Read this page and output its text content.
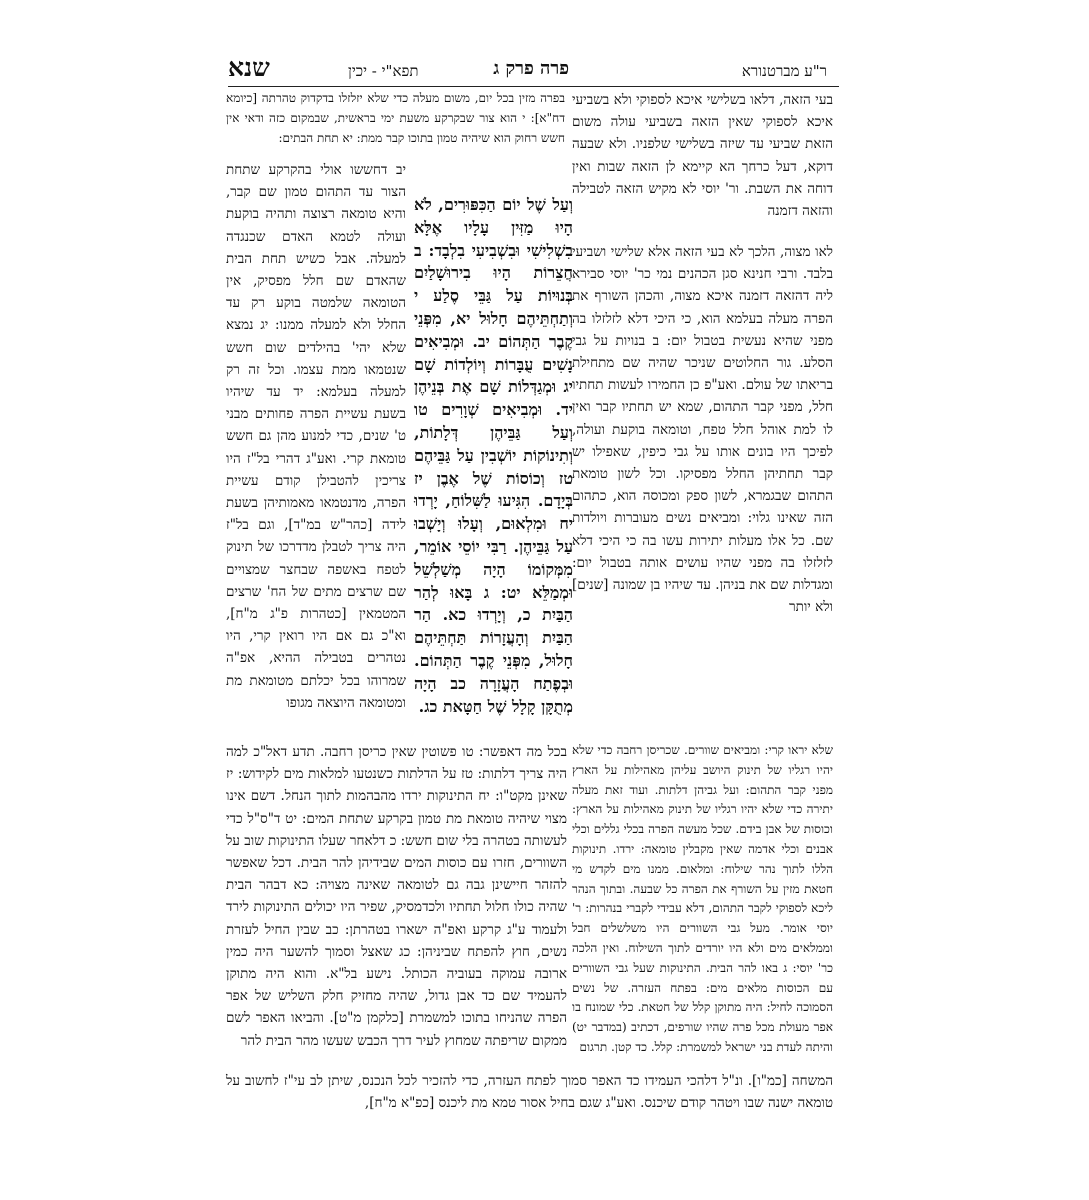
ר"ע מברטנורא
פרה פרק ג
תפא"י - יכין
שנא

בעי הזאה, דלאו בשלישי איכא לספוקי ולא בשביעי איכא לספוקי שאין הזאה בשביעי עולה משום הזאת שביעי עד שיזה בשלישי שלפניו. ולא שבעה דוקא, דעל כרחך הא קיימא לן הזאה שבות ואין דוחה את השבת. ור' יוסי לא מקיש הזאה לטבילה והזאה דזמנה

בפרה מזין בכל יום, משום מעלה כדי שלא יזלזלו בדקדוק טהרתה [כיומא דח"א]: י הוא צור שבקרקע משעת ימי בראשית, שבמקום כזה ודאי אין חשש רחוק הוא שיהיה טמון בתוכו קבר ממת: יא תחת הבתים:

יב דחששו אולי בהקרקע שתחת הצור עד התהום טמון שם קבר, והיא טומאה רצוצה ותהיה בוקעת ועולה לטמא האדם שכנגדה למעלה. אבל כשיש תחת הבית שהאדם שם חלל מפסיק, אין הטומאה שלמטה בוקע רק עד החלל ולא למעלה ממנו: יג נמצא שלא יהי' בהילדים שום חשש שנטמאו ממת עצמו. וכל זה רק למעלה בעלמא: יד עד שיהיו בשעת עשיית הפרה פחותים מבני ט' שנים, כדי למנוע מהן גם חשש טומאת קרי. ואע"ג דהרי בל"ז היו צריכין להטבילן קודם עשיית הפרה, מדנטמאו מאמותיהן בשעת לידה [כהר"ש במ"ד], וגם בל"ז היה צריך לטבלן מדדרכו של תינוק לטפח באשפה שבחצר שמצויים שם שרצים מתים של הח' שרצים המטמאין [כטהרות פ"ג מ"ח], וא"כ גם אם היו רואין קרי, היו נטהרים בטבילה ההיא, אפ"ה שמרוהו בכל יכלתם מטומאת מת ומטומאה היוצאה מגופו

וְעַל שֶׁל יוֹם הַכִּפּוּרִים, לֹא הָיוּ מַזִּין עָלָיו אֶלָּא בִשְׁלִישִׁי וּבִשְׁבִיעִי בִלְבָד: ב חֲצֵרוֹת הָיוּ בִירוּשָׁלַיִם בְּנוּיוֹת עַל גַּבֵּי סֶלַע י וְתַחְתֵּיהֶם חָלוּל יא, מִפְּנֵי קֶבֶר הַתְּהוֹם יב. וּמְבִיאִים נָשִׁים עֻבָּרוֹת וְיוֹלְדוֹת שָׁם יג וּמְגַדְּלוֹת שָׁם אֶת בְּנֵיהֶן יד. וּמְבִיאִים שְׁוָרִים טו וְעַל גַּבֵּיהֶן דְּלָתוֹת, וְתִינוֹקוֹת יוֹשְׁבִין עַל גַּבֵּיהֶם טז וְכוֹסוֹת שֶׁל אֶבֶן יז בְּיָדָם. הִגִּיעוּ לַשִּׁלוֹחַ, יָרְדוּ יח וּמִלְאוּם, וְעָלוּ וְיָשְׁבוּ עַל גַּבֵּיהֶן. רַבִּי יוֹסֵי אוֹמֵר, מִמְּקוֹמוֹ הָיָה מְשַׁלְשֵׁל וּמְמַלֵּא יט: ג בָּאוּ לְהַר הַבַּיִת כ, וְיָרְדוּ כא. הַר הַבַּיִת וְהָעֲזָרוֹת תַּחְתֵּיהֶם חָלוּל, מִפְּנֵי קֶבֶר הַתְּהוֹם. וּבְפֶתַח הָעֲזָרָה כב הָיָה מְתֻקָּן קָלָל שֶׁל חַטָּאת כג.

לאו מצוה, הלכך לא בעי הזאה אלא שלישי ושביעי בלבד. ורבי חנינא סגן הכהנים נמי כר' יוסי סבירא ליה דהזאה דזמנה איכא מצוה, והכהן השורף את הפרה מעלה בעלמא הוא, כי היכי דלא לזלזלו בה מפני שהיא נעשית בטבול יום: ב בנויות על גבי הסלע. גור החלוטים שניכר שהיה שם מתחילת בריאתו של עולם. ואע"פ כן החמירו לעשות תחתיו חלל, מפני קבר התהום, שמא יש תחתיו קבר ואין לו למת אוהל חלל טפח, וטומאה בוקעת ועולה, לפיכך היו בונים אותו על גבי כיפין, שאפילו יש קבר תחתיהן החלל מפסיקו. וכל לשון טומאת התהום שבגמרא, לשון ספק ומכוסה הוא, כתהום הזה שאינו גלוי: ומביאים נשים מעוברות ויולדות שם. כל אלו מעלות יתירות עשו בה כי היכי דלא לזלזלו בה מפני שהיו עושים אותה בטבול יום: ומגדלות שם את בניהן. עד שיהיו בן שמונה [שנים] ולא יותר

שלא יראו קרי: ומביאים שוורים. שכריסן רחבה כדי שלא יהיו רגליו של תינוק היושב עליהן מאהילות על הארץ מפני קבר התהום: ועל גביהן דלתות. ועוד זאת מעלה יתירה כדי שלא יהיו רגליו של תינוק מאהילות על הארץ: וכוסות של אבן בידם. שכל מעשה הפרה בכלי גללים וכלי אבנים וכלי אדמה שאין מקבלין טומאה: ירדו. תינוקות הללו לתוך נהר שילוח: ומלאום. ממנו מים לקדש מי חטאת מזין על השורף את הפרה כל שבעה. ובתוך הנהר ליכא לספוקי לקבר התהום, דלא עבידי לקברי בנהרות: ר' יוסי אומר. מעל גבי השוורים היו משלשלים חבל וממלאים מים ולא היו יורדים לתוך השילוח. ואין הלכה כר' יוסי: ג באו להר הבית. התינוקות שעל גבי השוורים עם הכוסות מלאים מים: בפתח העזרה. של נשים הסמוכה לחיל: היה מתוקן קלל של חטאת. כלי שמונח בו אפר מעולת מכל פרה שהיו שורפים, דכתיב (במדבר יט) והיתה לעדת בני ישראל למשמרת: קלל. כד קטן. תרגום

בכל מה דאפשר: טו פשוטין שאין כריסן רחבה. תדע דאל"כ למה היה צריך דלתות: טז על הדלתות כשנטעו למלאות מים לקידוש: יז שאינן מקט"ו: יח התינוקות ירדו מהבהמות לתוך הנחל. דשם אינו מצוי שיהיה טומאת מת טמון בקרקע שתחת המים: יט ד"ס"ל כדי לעשותה בטהרה בלי שום חשש: כ דלאחר שעלו התינוקות שוב על השוורים, חזרו עם כוסות המים שבידיהן להר הבית. דכל שאפשר להזהר חיישינן גבה גם לטומאה שאינה מצויה: כא דבהר הבית שהיה כולו חלול תחתיו ולכדמסיק, שפיר היו יכולים התינוקות לירד ולעמוד ע"ג קרקע ואפ"ה ישארו בטהרתן: כב שבין החיל לעזרת נשים, חוץ להפתח שביניהן: כג שאצל וסמוך להשער היה כמין ארובה עמוקה בעוביה הכותל. נישע בל"א. והוא היה מתוקן להעמיד שם כד אבן גדול, שהיה מחזיק חלק השליש של אפר הפרה שהניחו בתוכו למשמרת [כלקמן מ"ט]. והביאו האפר לשם ממקום שריפתה שמחוץ לעיר דרך הכבש שעשו מהר הבית להר

המשחה [כמ"ו]. ונ"ל דלהכי העמידו כד האפר סמוך לפתח העזרה, כדי להזכיר לכל הנכנס, שיתן לב עי"ז לחשוב על טומאה ישנה שבו ויטהר קודם שיכנס. ואע"ג שגם בחיל אסור טמא מת ליכנס [כפ"א מ"ח],
